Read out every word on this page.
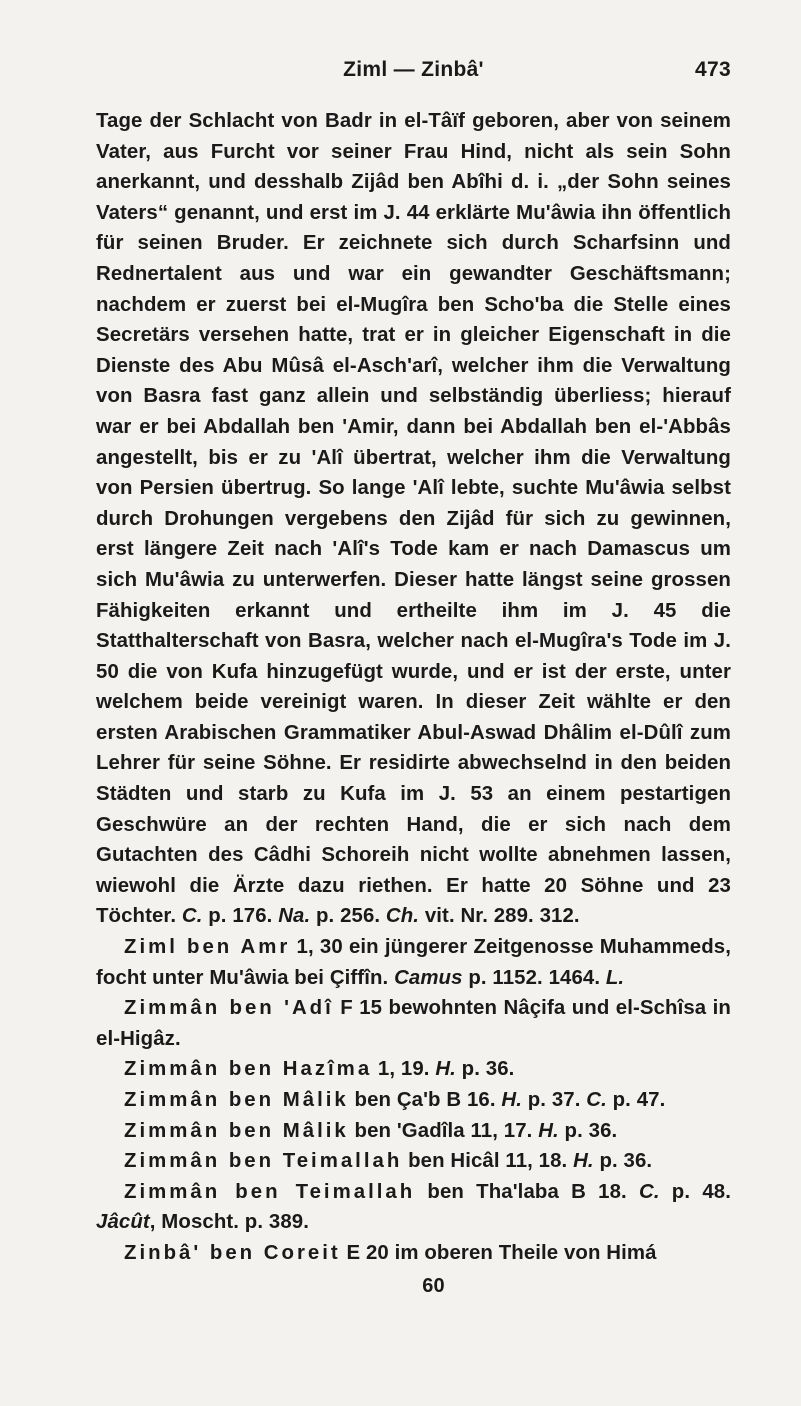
Ziml — Zinbâ'	473

Tage der Schlacht von Badr in el-Tâïf geboren, aber von seinem Vater, aus Furcht vor seiner Frau Hind, nicht als sein Sohn anerkannt, und desshalb Zijâd ben Abîhi d. i. „der Sohn seines Vaters“ genannt, und erst im J. 44 erklärte Mu'âwia ihn öffentlich für seinen Bruder. Er zeichnete sich durch Scharfsinn und Rednertalent aus und war ein gewandter Geschäftsmann; nachdem er zuerst bei el-Mugîra ben Scho'ba die Stelle eines Secretärs versehen hatte, trat er in gleicher Eigenschaft in die Dienste des Abu Mûsâ el-Asch'arî, welcher ihm die Verwaltung von Basra fast ganz allein und selbständig überliess; hierauf war er bei Abdallah ben 'Amir, dann bei Abdallah ben el-'Abbâs angestellt, bis er zu 'Alî übertrat, welcher ihm die Verwaltung von Persien übertrug. So lange 'Alî lebte, suchte Mu'âwia selbst durch Drohungen vergebens den Zijâd für sich zu gewinnen, erst längere Zeit nach 'Alî's Tode kam er nach Damascus um sich Mu'âwia zu unterwerfen. Dieser hatte längst seine grossen Fähigkeiten erkannt und ertheilte ihm im J. 45 die Statthalterschaft von Basra, welcher nach el-Mugîra's Tode im J. 50 die von Kufa hinzugefügt wurde, und er ist der erste, unter welchem beide vereinigt waren. In dieser Zeit wählte er den ersten Arabischen Grammatiker Abul-Aswad Dhâlim el-Dûlî zum Lehrer für seine Söhne. Er residirte abwechselnd in den beiden Städten und starb zu Kufa im J. 53 an einem pestartigen Geschwüre an der rechten Hand, die er sich nach dem Gutachten des Câdhi Schoreih nicht wollte abnehmen lassen, wiewohl die Ärzte dazu riethen. Er hatte 20 Söhne und 23 Töchter. C. p. 176. Na. p. 256. Ch. vit. Nr. 289. 312.

Ziml ben Amr 1, 30 ein jüngerer Zeitgenosse Muhammeds, focht unter Mu'âwia bei Çiffîn. Camus p. 1152. 1464. L.

Zimmân ben 'Adî F 15 bewohnten Nâçifa und el-Schîsa in el-Higâz.

Zimmân ben Hazîma 1, 19. H. p. 36.

Zimmân ben Mâlik ben Ça'b B 16. H. p. 37. C. p. 47.

Zimmân ben Mâlik ben 'Gadîla 11, 17. H. p. 36.

Zimmân ben Teimallah ben Hicâl 11, 18. H. p. 36.

Zimmân ben Teimallah ben Tha'laba B 18. C. p. 48. Jâcût, Moscht. p. 389.

Zinbâ' ben Coreit E 20 im oberen Theile von Himá

60
